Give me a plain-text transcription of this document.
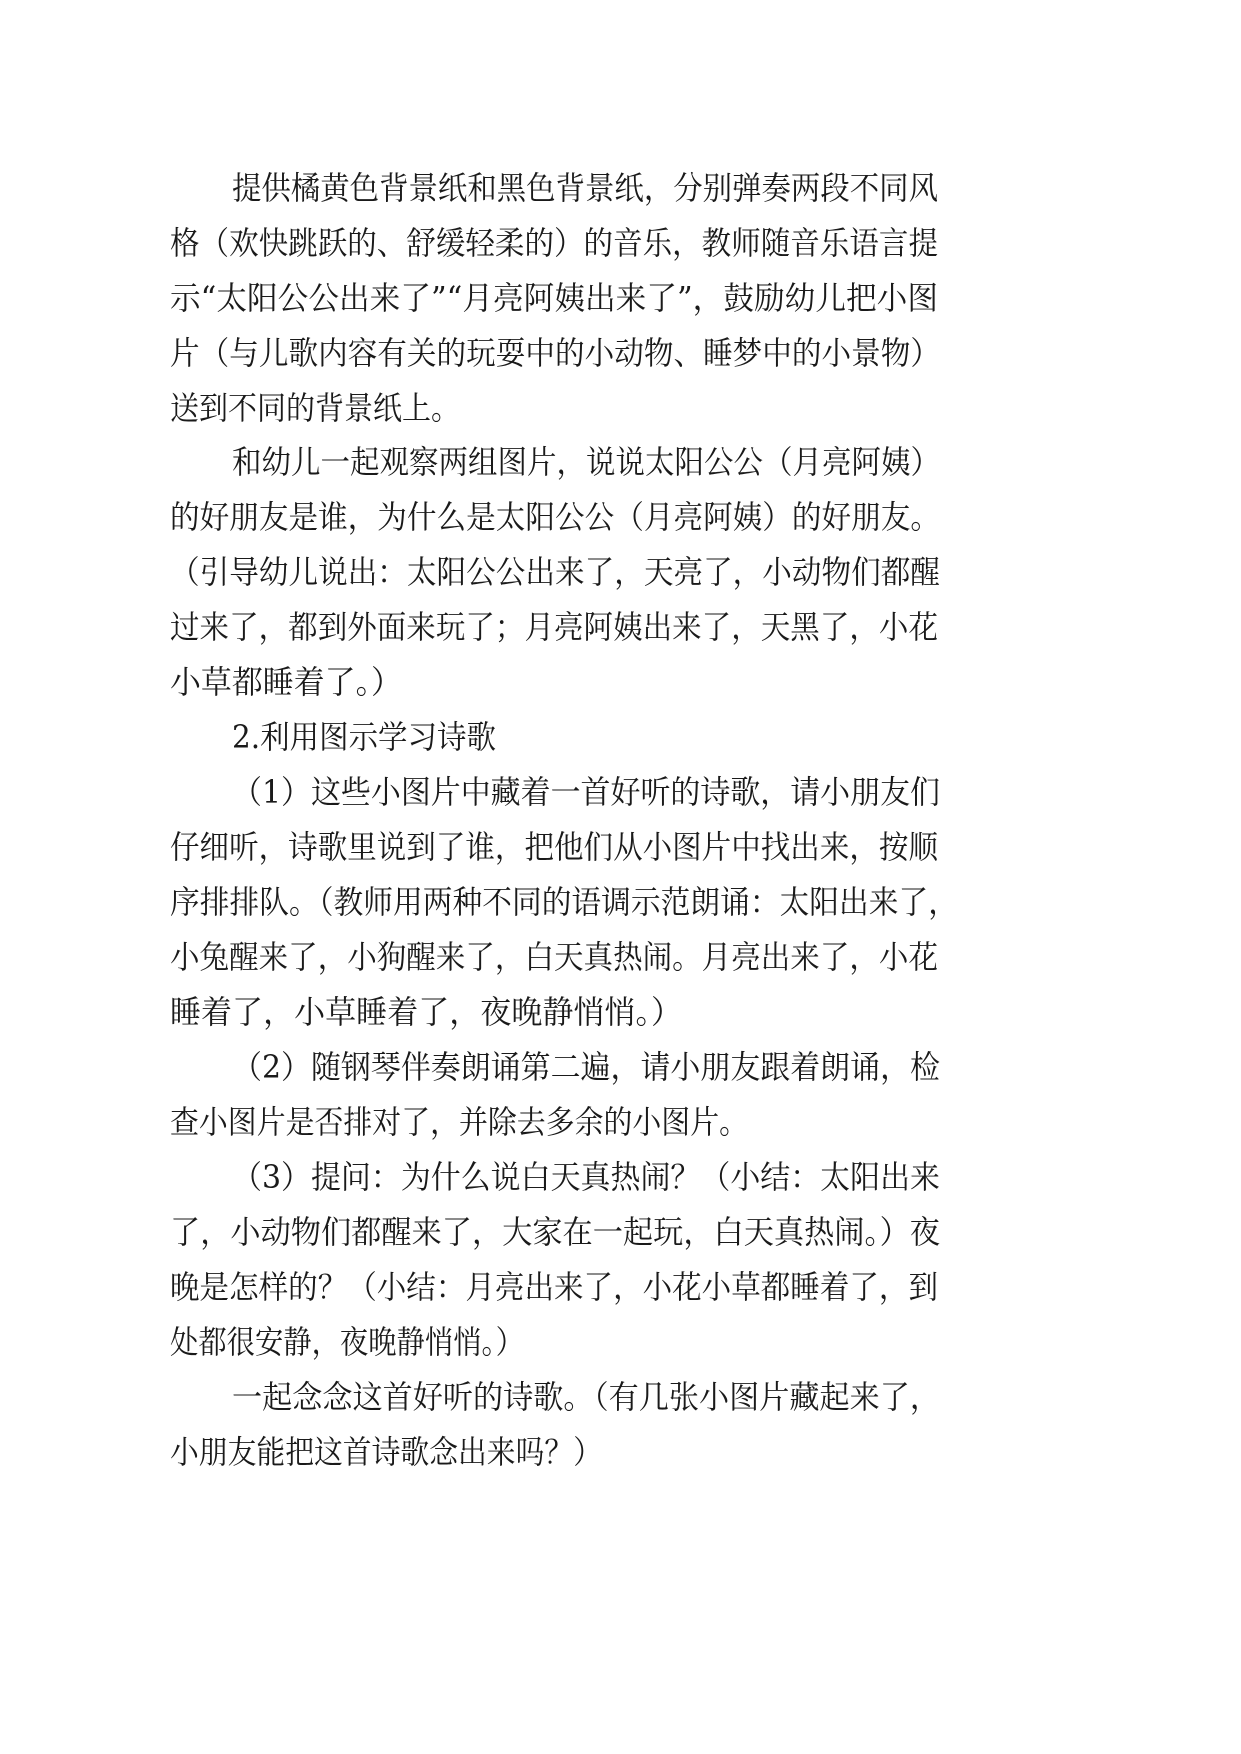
提供橘黄色背景纸和黑色背景纸，分别弹奏两段不同风
格（欢快跳跃的、舒缓轻柔的）的音乐，教师随音乐语言提
示“太阳公公出来了”“月亮阿姨出来了”，鼓励幼儿把小图
片（与儿歌内容有关的玩耍中的小动物、睡梦中的小景物）
送到不同的背景纸上。
和幼儿一起观察两组图片，说说太阳公公（月亮阿姨）
的好朋友是谁，为什么是太阳公公（月亮阿姨）的好朋友。
（引导幼儿说出：太阳公公出来了，天亮了，小动物们都醒
过来了，都到外面来玩了；月亮阿姨出来了，天黑了，小花
小草都睡着了。）
2.利用图示学习诗歌
（1）这些小图片中藏着一首好听的诗歌，请小朋友们
仔细听，诗歌里说到了谁，把他们从小图片中找出来，按顺
序排排队。（教师用两种不同的语调示范朗诵：太阳出来了，
小兔醒来了，小狗醒来了，白天真热闹。月亮出来了，小花
睡着了，小草睡着了，夜晚静悄悄。）
（2）随钢琴伴奏朗诵第二遍，请小朋友跟着朗诵，检
查小图片是否排对了，并除去多余的小图片。
（3）提问：为什么说白天真热闹？（小结：太阳出来
了，小动物们都醒来了，大家在一起玩，白天真热闹。）夜
晚是怎样的？（小结：月亮出来了，小花小草都睡着了，到
处都很安静，夜晚静悄悄。）
一起念念这首好听的诗歌。（有几张小图片藏起来了，
小朋友能把这首诗歌念出来吗？）
